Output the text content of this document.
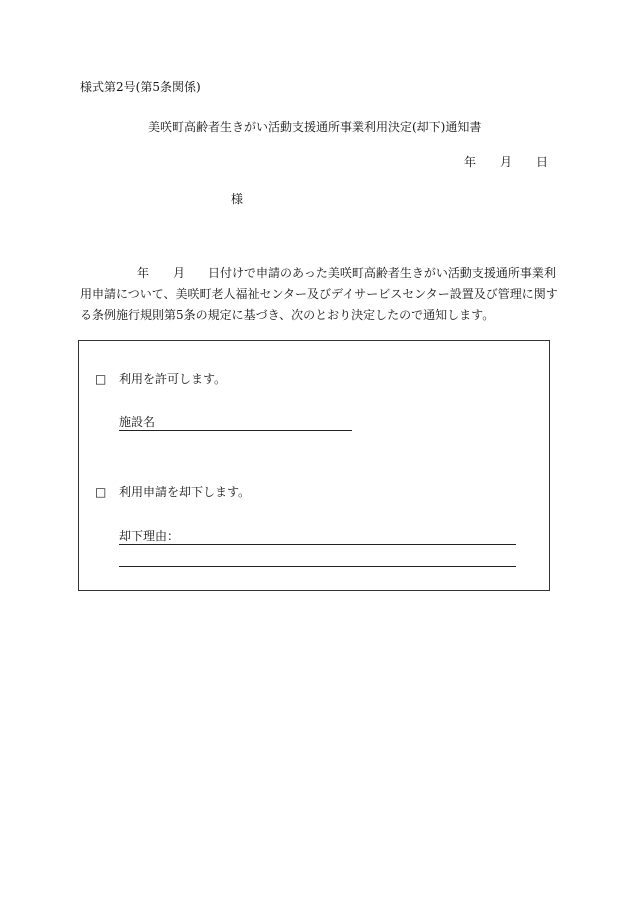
様式第2号(第5条関係)
美咲町高齢者生きがい活動支援通所事業利用決定(却下)通知書
年 月 日
様
年 月 日付けで申請のあった美咲町高齢者生きがい活動支援通所事業利
用申請について、美咲町老人福祉センター及びデイサービスセンター設置及び管理に関す
る条例施行規則第5条の規定に基づき、次のとおり決定したので通知します。
□ 利用を許可します。
施設名
□ 利用申請を却下します。
却下理由：
